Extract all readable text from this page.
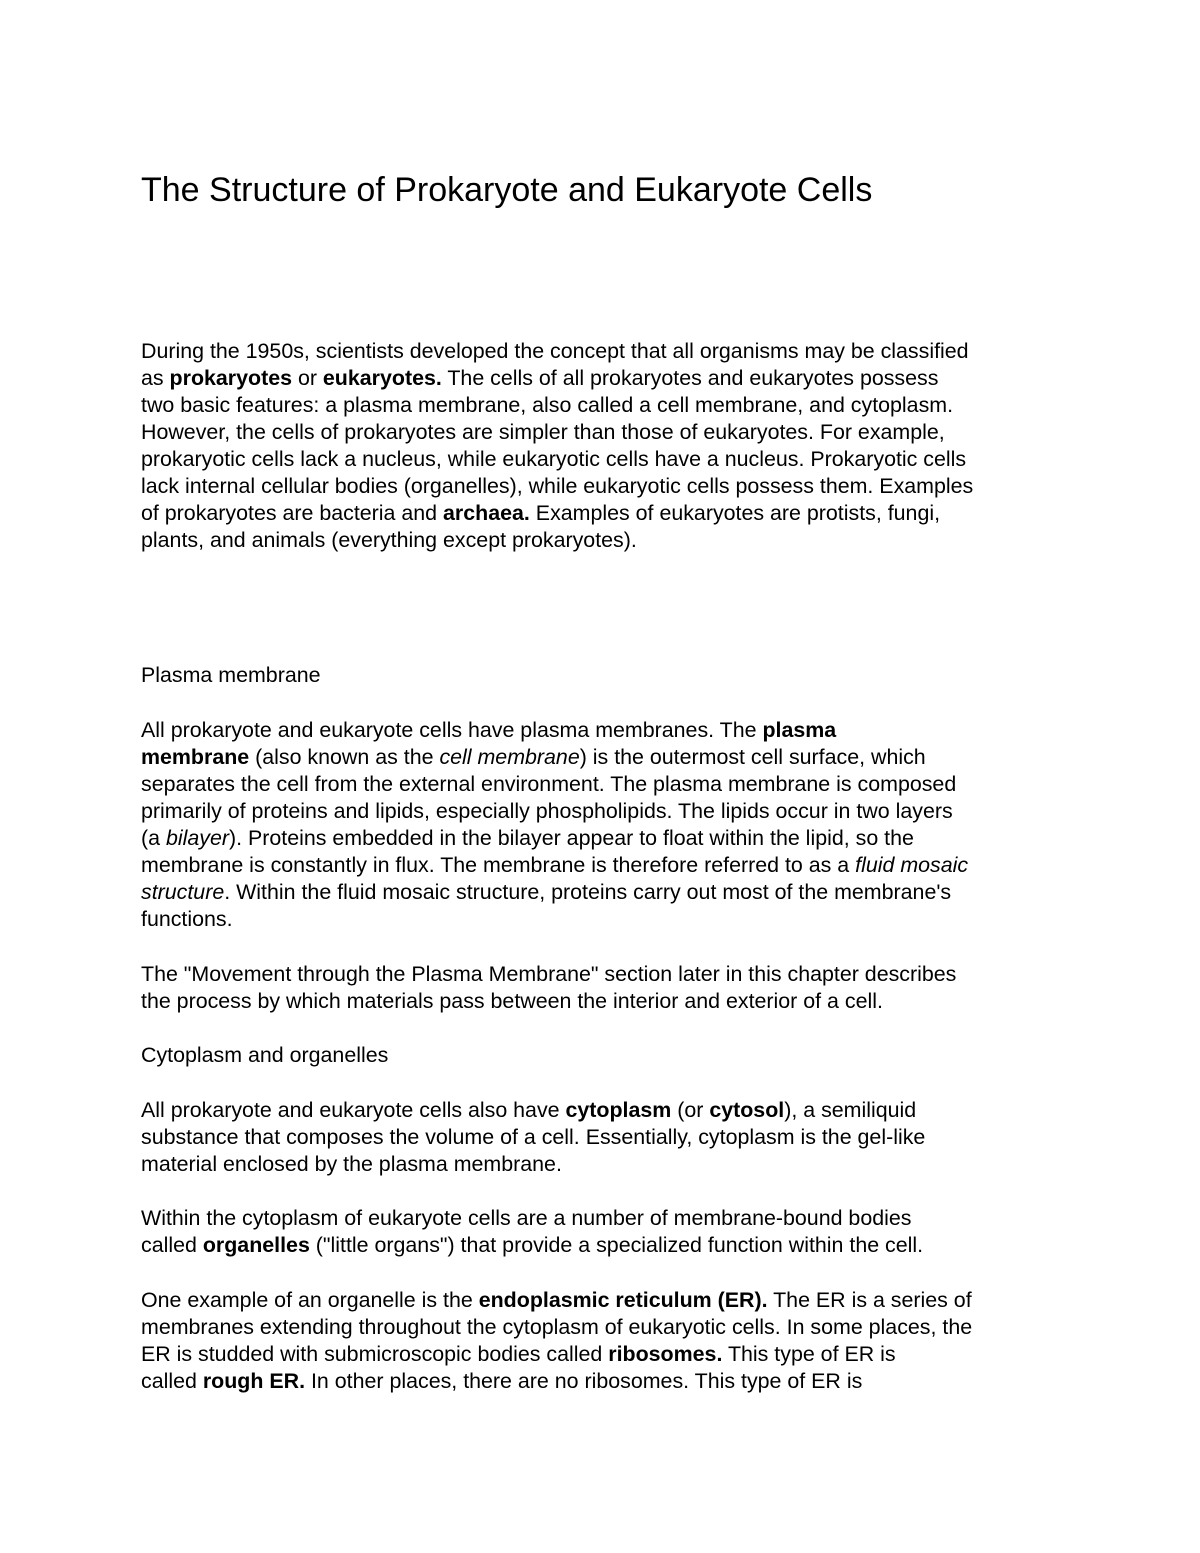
The Structure of Prokaryote and Eukaryote Cells
During the 1950s, scientists developed the concept that all organisms may be classified
as prokaryotes or eukaryotes. The cells of all prokaryotes and eukaryotes possess
two basic features: a plasma membrane, also called a cell membrane, and cytoplasm.
However, the cells of prokaryotes are simpler than those of eukaryotes. For example,
prokaryotic cells lack a nucleus, while eukaryotic cells have a nucleus. Prokaryotic cells
lack internal cellular bodies (organelles), while eukaryotic cells possess them. Examples
of prokaryotes are bacteria and archaea. Examples of eukaryotes are protists, fungi,
plants, and animals (everything except prokaryotes).
Plasma membrane
All prokaryote and eukaryote cells have plasma membranes. The plasma
membrane (also known as the cell membrane) is the outermost cell surface, which
separates the cell from the external environment. The plasma membrane is composed
primarily of proteins and lipids, especially phospholipids. The lipids occur in two layers
(a bilayer). Proteins embedded in the bilayer appear to float within the lipid, so the
membrane is constantly in flux. The membrane is therefore referred to as a fluid mosaic
structure. Within the fluid mosaic structure, proteins carry out most of the membrane's
functions.
The "Movement through the Plasma Membrane" section later in this chapter describes
the process by which materials pass between the interior and exterior of a cell.
Cytoplasm and organelles
All prokaryote and eukaryote cells also have cytoplasm (or cytosol), a semiliquid
substance that composes the volume of a cell. Essentially, cytoplasm is the gel-like
material enclosed by the plasma membrane.
Within the cytoplasm of eukaryote cells are a number of membrane-bound bodies
called organelles ("little organs") that provide a specialized function within the cell.
One example of an organelle is the endoplasmic reticulum (ER). The ER is a series of
membranes extending throughout the cytoplasm of eukaryotic cells. In some places, the
ER is studded with submicroscopic bodies called ribosomes. This type of ER is
called rough ER. In other places, there are no ribosomes. This type of ER is
